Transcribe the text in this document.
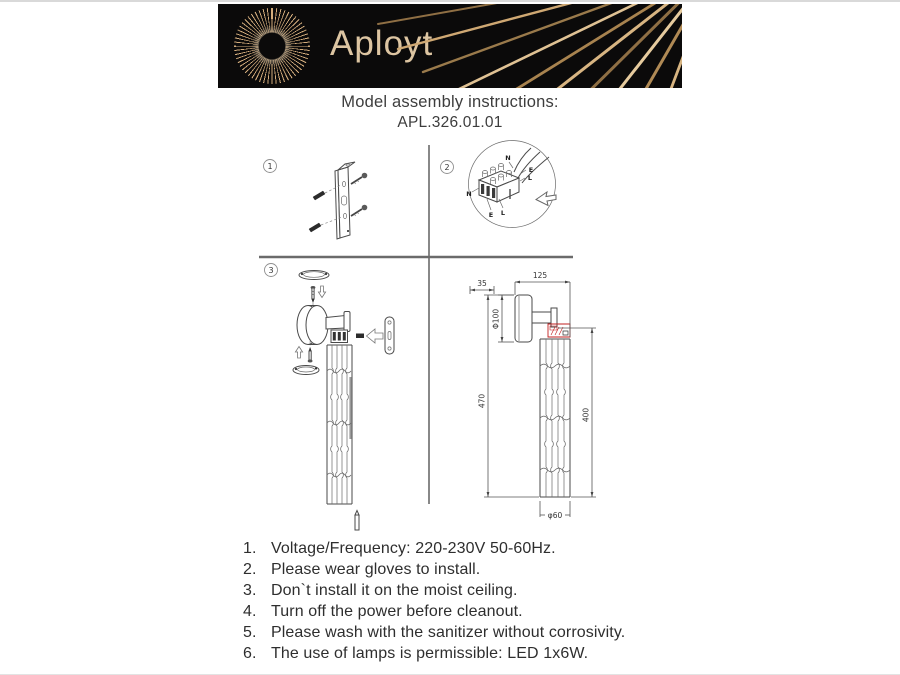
Aployt
Model assembly instructions:
APL.326.01.01
1	2
N
E
L
N
E L
3
35
125
Φ100
470
400
φ60
1. Voltage/Frequency: 220-230V 50-60Hz.
2. Please wear gloves to install.
3. Don`t install it on the moist ceiling.
4. Turn off the power before cleanout.
5. Please wash with the sanitizer without corrosivity.
6. The use of lamps is permissible: LED 1x6W.
